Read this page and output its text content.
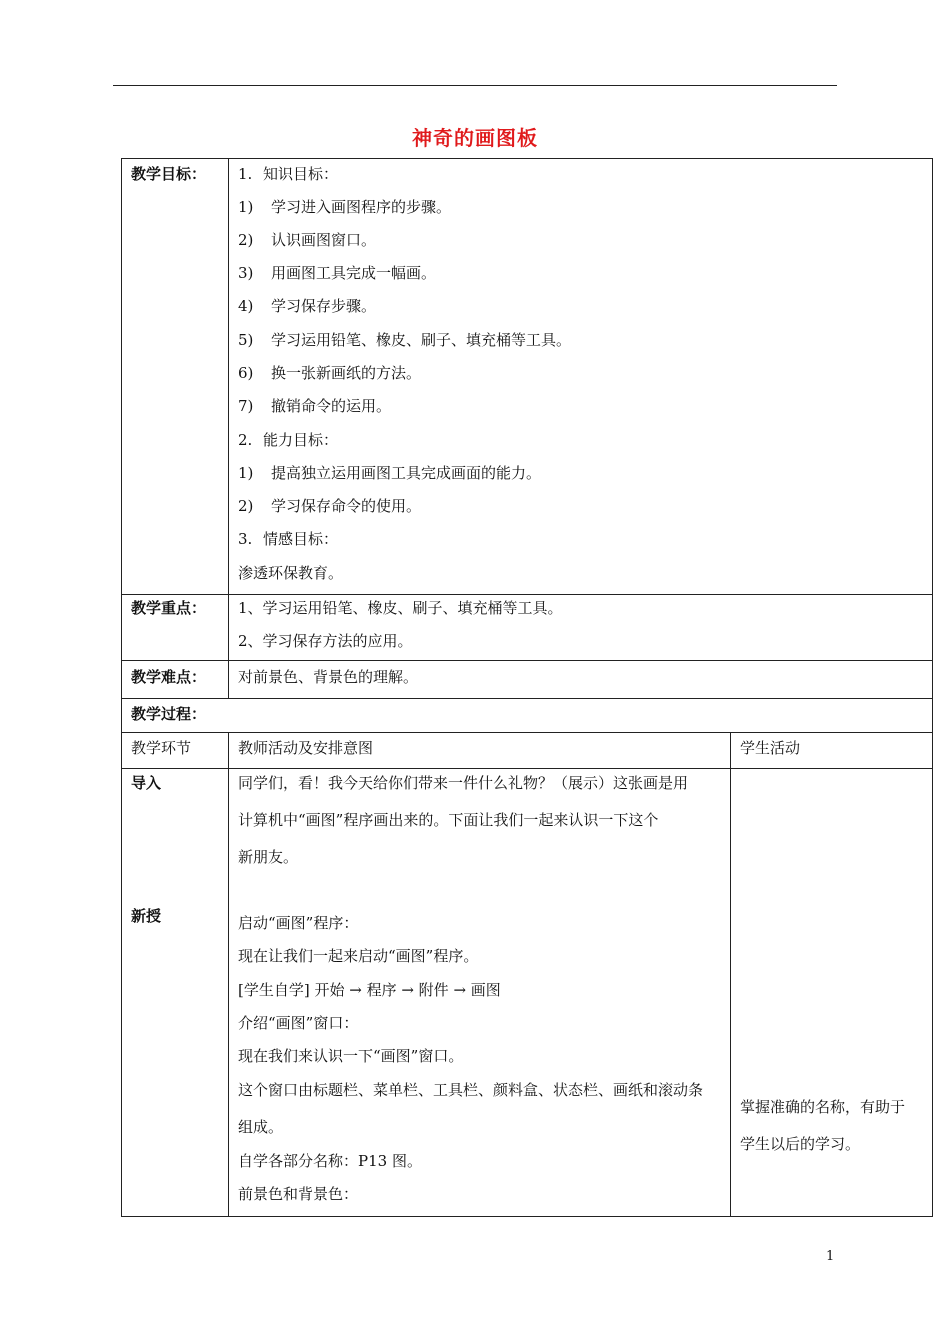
神奇的画图板
教学目标： 1. 知识目标：
1) 学习进入画图程序的步骤。
2) 认识画图窗口。
3) 用画图工具完成一幅画。
4) 学习保存步骤。
5) 学习运用铅笔、橡皮、刷子、填充桶等工具。
6) 换一张新画纸的方法。
7) 撤销命令的运用。
2. 能力目标：
1) 提高独立运用画图工具完成画面的能力。
2) 学习保存命令的使用。
3. 情感目标：
渗透环保教育。
教学重点： 1、学习运用铅笔、橡皮、刷子、填充桶等工具。
2、学习保存方法的应用。
教学难点： 对前景色、背景色的理解。
教学过程：
教学环节	教师活动及安排意图	学生活动
导入
新授
同学们，看！我今天给你们带来一件什么礼物？（展示）这张画是用
计算机中“画图”程序画出来的。下面让我们一起来认识一下这个
新朋友。
启动“画图”程序：
现在让我们一起来启动“画图”程序。
[学生自学] 开始 → 程序 → 附件 → 画图
介绍“画图”窗口：
现在我们来认识一下“画图”窗口。
这个窗口由标题栏、菜单栏、工具栏、颜料盒、状态栏、画纸和滚动条
组成。
自学各部分名称：P13 图。
前景色和背景色：
掌握准确的名称，有助于
学生以后的学习。
1
